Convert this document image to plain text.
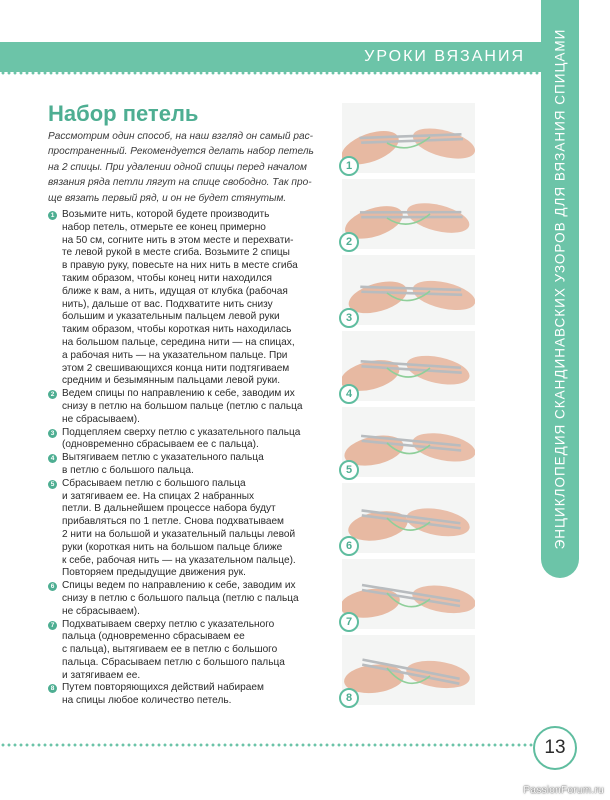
УРОКИ ВЯЗАНИЯ ЭНЦИКЛОПЕДИЯ СКАНДИНАВСКИХ УЗОРОВ ДЛЯ ВЯЗАНИЯ СПИЦАМИ
Набор петель

Рассмотрим один способ, на наш взгляд он самый рас-

пространенный. Рекомендуется делать набор петель

на 2 спицы. При удалении одной спицы перед началом

вязания ряда петли лягут на спице свободно. Так про-

ще вязать первый ряд, и он не будет стянутым.

1 Возьмите нить, которой будете производить
набор петель, отмерьте ее конец примерно
на 50 см, согните нить в этом месте и перехвати-
те левой рукой в месте сгиба. Возьмите 2 спицы
в правую руку, повесьте на них нить в месте сгиба
таким образом, чтобы конец нити находился
ближе к вам, а нить, идущая от клубка (рабочая
нить), дальше от вас. Подхватите нить снизу
большим и указательным пальцем левой руки
таким образом, чтобы короткая нить находилась
на большом пальце, середина нити — на спицах,
а рабочая нить — на указательном пальце. При
этом 2 свешивающихся конца нити подтягиваем
средним и безымянным пальцами левой руки.
2 Ведем спицы по направлению к себе, заводим их
снизу в петлю на большом пальце (петлю с пальца
не сбрасываем).
3 Подцепляем сверху петлю с указательного пальца
(одновременно сбрасываем ее с пальца).
4 Вытягиваем петлю с указательного пальца
в петлю с большого пальца.
5 Сбрасываем петлю с большого пальца
и затягиваем ее. На спицах 2 набранных
петли. В дальнейшем процессе набора будут
прибавляться по 1 петле. Снова подхватываем
2 нити на большой и указательный пальцы левой
руки (короткая нить на большом пальце ближе
к себе, рабочая нить — на указательном пальце).
Повторяем предыдущие движения рук.
6 Спицы ведем по направлению к себе, заводим их
снизу в петлю с большого пальца (петлю с пальца
не сбрасываем).
7 Подхватываем сверху петлю с указательного
пальца (одновременно сбрасываем ее
с пальца), вытягиваем ее в петлю с большого
пальца. Сбрасываем петлю с большого пальца
и затягиваем ее.
8 Путем повторяющихся действий набираем
на спицы любое количество петель.
1
2
3
4
5
6
7
8
13
PassionForum.ru
